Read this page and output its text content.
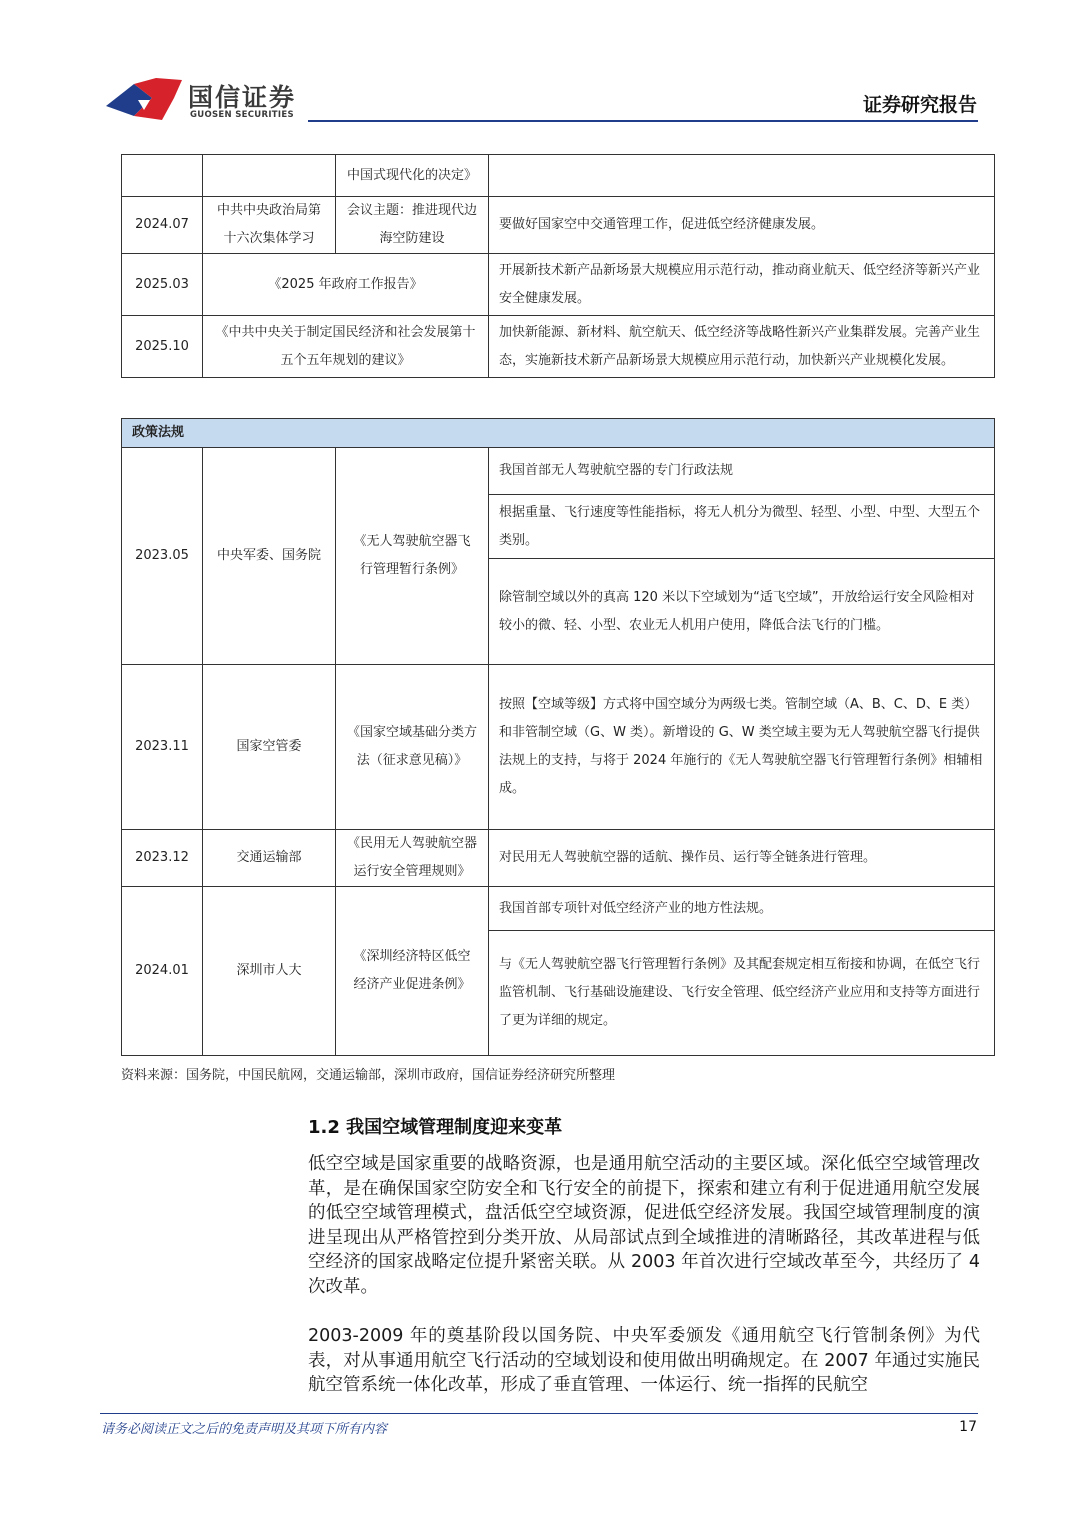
国信证券
GUOSEN SECURITIES	证券研究报告
		中国式现代化的决定》	
2024.07	中共中央政治局第十六次集体学习	会议主题：推进现代边海空防建设	要做好国家空中交通管理工作，促进低空经济健康发展。
2025.03	《2025 年政府工作报告》		开展新技术新产品新场景大规模应用示范行动，推动商业航天、低空经济等新兴产业安全健康发展。
2025.10	《中共中央关于制定国民经济和社会发展第十五个五年规划的建议》		加快新能源、新材料、航空航天、低空经济等战略性新兴产业集群发展。完善产业生态，实施新技术新产品新场景大规模应用示范行动，加快新兴产业规模化发展。
政策法规			
2023.05	中央军委、国务院	《无人驾驶航空器飞行管理暂行条例》	我国首部无人驾驶航空器的专门行政法规
			根据重量、飞行速度等性能指标，将无人机分为微型、轻型、小型、中型、大型五个类别。
			除管制空域以外的真高 120 米以下空域划为“适飞空域”，开放给运行安全风险相对较小的微、轻、小型、农业无人机用户使用，降低合法飞行的门槛。
2023.11	国家空管委	《国家空域基础分类方法（征求意见稿）》	按照【空域等级】方式将中国空域分为两级七类。管制空域（A、B、C、D、E 类）和非管制空域（G、W 类）。新增设的 G、W 类空域主要为无人驾驶航空器飞行提供法规上的支持，与将于 2024 年施行的《无人驾驶航空器飞行管理暂行条例》相辅相成。
2023.12	交通运输部	《民用无人驾驶航空器运行安全管理规则》	对民用无人驾驶航空器的适航、操作员、运行等全链条进行管理。
2024.01	深圳市人大	《深圳经济特区低空经济产业促进条例》	我国首部专项针对低空经济产业的地方性法规。
			与《无人驾驶航空器飞行管理暂行条例》及其配套规定相互衔接和协调，在低空飞行监管机制、飞行基础设施建设、飞行安全管理、低空经济产业应用和支持等方面进行了更为详细的规定。
资料来源：国务院，中国民航网，交通运输部，深圳市政府，国信证券经济研究所整理
1.2 我国空域管理制度迎来变革

低空空域是国家重要的战略资源，也是通用航空活动的主要区域。深化低空空域管理改革，是在确保国家空防安全和飞行安全的前提下，探索和建立有利于促进通用航空发展的低空空域管理模式，盘活低空空域资源，促进低空经济发展。我国空域管理制度的演进呈现出从严格管控到分类开放、从局部试点到全域推进的清晰路径，其改革进程与低空经济的国家战略定位提升紧密关联。从 2003 年首次进行空域改革至今，共经历了 4 次改革。

2003-2009 年的奠基阶段以国务院、中央军委颁发《通用航空飞行管制条例》为代表，对从事通用航空飞行活动的空域划设和使用做出明确规定。在 2007 年通过实施民航空管系统一体化改革，形成了垂直管理、一体运行、统一指挥的民航空

请务必阅读正文之后的免责声明及其项下所有内容	17
